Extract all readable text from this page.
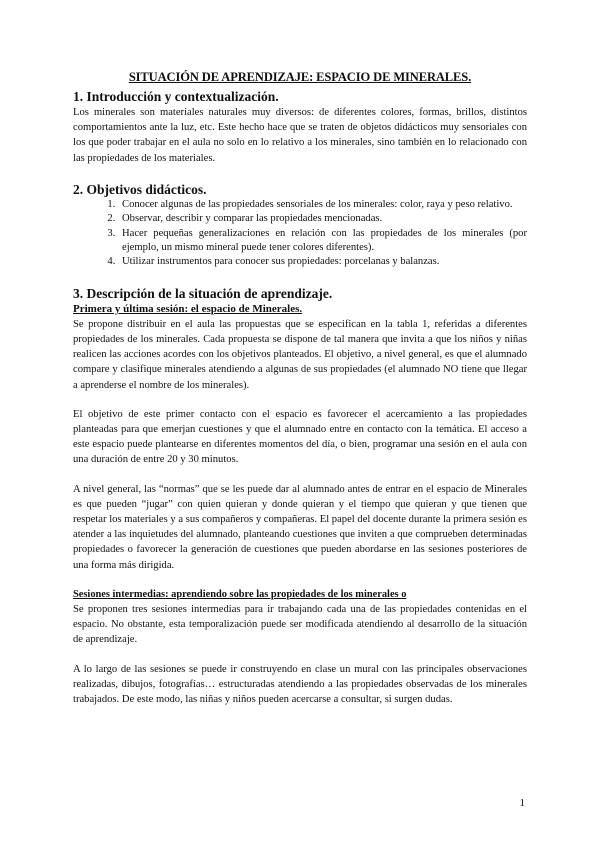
SITUACIÓN DE APRENDIZAJE: ESPACIO DE MINERALES.
1. Introducción y contextualización.

Los minerales son materiales naturales muy diversos: de diferentes colores, formas, brillos, distintos comportamientos ante la luz, etc. Este hecho hace que se traten de objetos didácticos muy sensoriales con los que poder trabajar en el aula no solo en lo relativo a los minerales, sino también en lo relacionado con las propiedades de los materiales.

2. Objetivos didácticos.
1. Conocer algunas de las propiedades sensoriales de los minerales: color, raya y peso relativo.
2. Observar, describir y comparar las propiedades mencionadas.
3. Hacer pequeñas generalizaciones en relación con las propiedades de los minerales (por ejemplo, un mismo mineral puede tener colores diferentes).
4. Utilizar instrumentos para conocer sus propiedades: porcelanas y balanzas.
3. Descripción de la situación de aprendizaje.
Primera y última sesión: el espacio de Minerales.

Se propone distribuir en el aula las propuestas que se especifican en la tabla 1, referidas a diferentes propiedades de los minerales. Cada propuesta se dispone de tal manera que invita a que los niños y niñas realicen las acciones acordes con los objetivos planteados. El objetivo, a nivel general, es que el alumnado compare y clasifique minerales atendiendo a algunas de sus propiedades (el alumnado NO tiene que llegar a aprenderse el nombre de los minerales).

El objetivo de este primer contacto con el espacio es favorecer el acercamiento a las propiedades planteadas para que emerjan cuestiones y que el alumnado entre en contacto con la temática. El acceso a este espacio puede plantearse en diferentes momentos del día, o bien, programar una sesión en el aula con una duración de entre 20 y 30 minutos.

A nivel general, las “normas” que se les puede dar al alumnado antes de entrar en el espacio de Minerales es que pueden “jugar” con quien quieran y donde quieran y el tiempo que quieran y que tienen que respetar los materiales y a sus compañeros y compañeras. El papel del docente durante la primera sesión es atender a las inquietudes del alumnado, planteando cuestiones que inviten a que comprueben determinadas propiedades o favorecer la generación de cuestiones que pueden abordarse en las sesiones posteriores de una forma más dirigida.

Sesiones intermedias: aprendiendo sobre las propiedades de los minerales o

Se proponen tres sesiones intermedias para ir trabajando cada una de las propiedades contenidas en el espacio. No obstante, esta temporalización puede ser modificada atendiendo al desarrollo de la situación de aprendizaje.

A lo largo de las sesiones se puede ir construyendo en clase un mural con las principales observaciones realizadas, dibujos, fotografías… estructuradas atendiendo a las propiedades observadas de los minerales trabajados. De este modo, las niñas y niños pueden acercarse a consultar, si surgen dudas.

1
